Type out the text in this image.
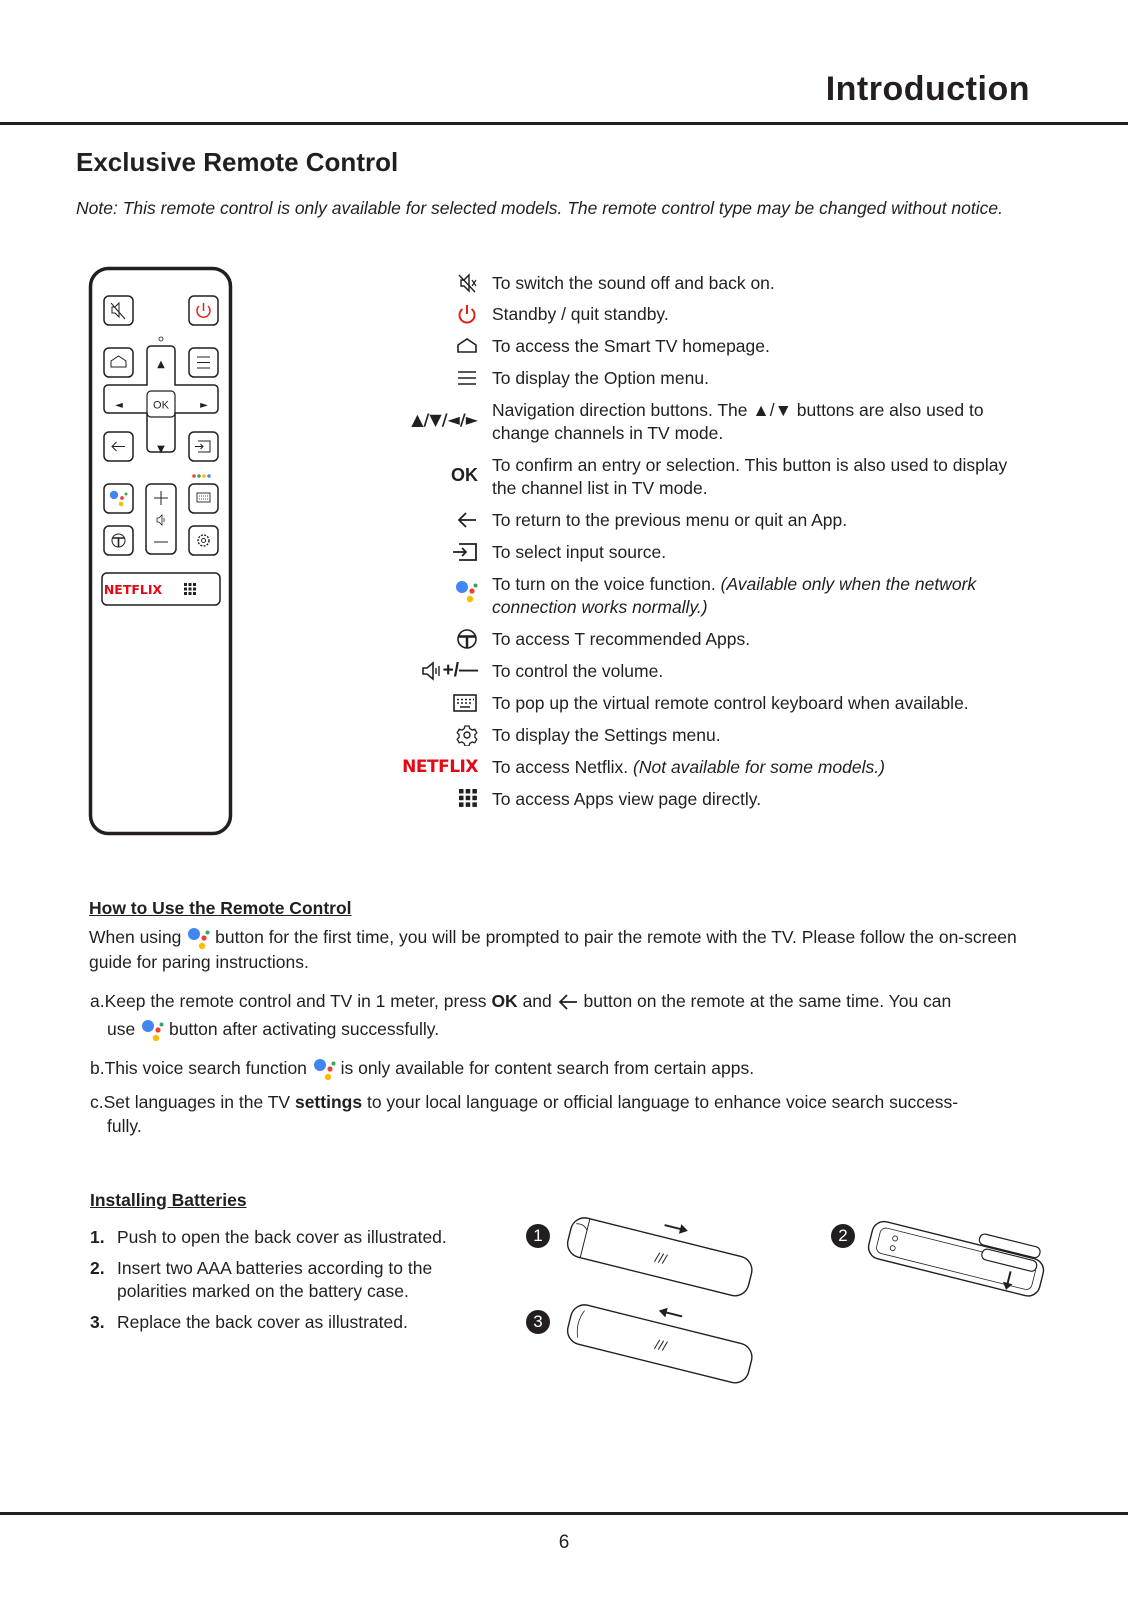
Introduction
Exclusive Remote Control
Note: This remote control is only available for selected models. The remote control type may be changed without notice.
▲
▼
◄	►
OK
NETFLIX
To switch the sound off and back on.
Standby / quit standby.
To access the Smart TV homepage.
To display the Option menu.
▲/▼/◄/► Navigation direction buttons. The ▲/▼ buttons are also used to change channels in TV mode.
OK To confirm an entry or selection. This button is also used to display the channel list in TV mode.
To return to the previous menu or quit an App.
To select input source.
To turn on the voice function. (Available only when the network connection works normally.)
To access T recommended Apps.
+/— To control the volume.
To pop up the virtual remote control keyboard when available.
To display the Settings menu.
NETFLIX To access Netflix. (Not available for some models.)
To access Apps view page directly.
How to Use the Remote Control
When using button for the first time, you will be prompted to pair the remote with the TV. Please follow the on-screen guide for paring instructions.
a.Keep the remote control and TV in 1 meter, press OK and button on the remote at the same time. You can
use button after activating successfully.
b.This voice search function is only available for content search from certain apps.
c.Set languages in the TV settings to your local language or official language to enhance voice search success-
fully.
Installing Batteries
1. Push to open the back cover as illustrated.
2. Insert two AAA batteries according to the polarities marked on the battery case.
3. Replace the back cover as illustrated.
1	2
3
6
